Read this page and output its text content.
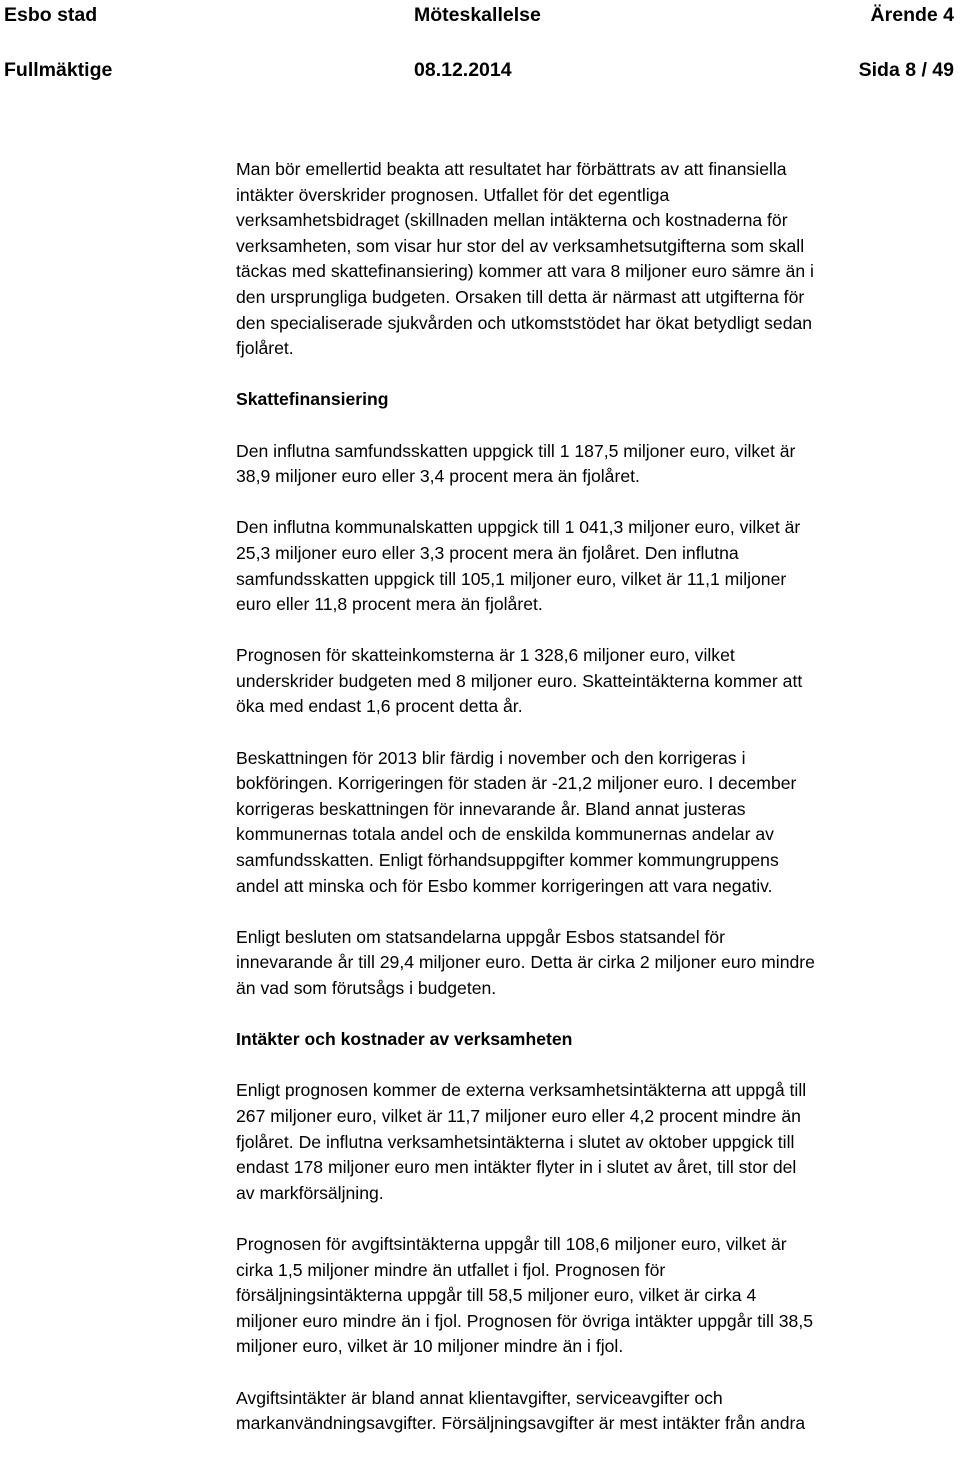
Esbo stad	Möteskallelse	Ärende 4
Fullmäktige	08.12.2014	Sida 8 / 49

Man bör emellertid beakta att resultatet har förbättrats av att finansiella
intäkter överskrider prognosen. Utfallet för det egentliga
verksamhetsbidraget (skillnaden mellan intäkterna och kostnaderna för
verksamheten, som visar hur stor del av verksamhetsutgifterna som skall
täckas med skattefinansiering) kommer att vara 8 miljoner euro sämre än i
den ursprungliga budgeten. Orsaken till detta är närmast att utgifterna för
den specialiserade sjukvården och utkomststödet har ökat betydligt sedan
fjolåret.

Skattefinansiering

Den influtna samfundsskatten uppgick till 1 187,5 miljoner euro, vilket är
38,9 miljoner euro eller 3,4 procent mera än fjolåret.

Den influtna kommunalskatten uppgick till 1 041,3 miljoner euro, vilket är
25,3 miljoner euro eller 3,3 procent mera än fjolåret. Den influtna
samfundsskatten uppgick till 105,1 miljoner euro, vilket är 11,1 miljoner
euro eller 11,8 procent mera än fjolåret.

Prognosen för skatteinkomsterna är 1 328,6 miljoner euro, vilket
underskrider budgeten med 8 miljoner euro. Skatteintäkterna kommer att
öka med endast 1,6 procent detta år.

Beskattningen för 2013 blir färdig i november och den korrigeras i
bokföringen. Korrigeringen för staden är -21,2 miljoner euro. I december
korrigeras beskattningen för innevarande år. Bland annat justeras
kommunernas totala andel och de enskilda kommunernas andelar av
samfundsskatten. Enligt förhandsuppgifter kommer kommungruppens
andel att minska och för Esbo kommer korrigeringen att vara negativ.

Enligt besluten om statsandelarna uppgår Esbos statsandel för
innevarande år till 29,4 miljoner euro. Detta är cirka 2 miljoner euro mindre
än vad som förutsågs i budgeten.

Intäkter och kostnader av verksamheten

Enligt prognosen kommer de externa verksamhetsintäkterna att uppgå till
267 miljoner euro, vilket är 11,7 miljoner euro eller 4,2 procent mindre än
fjolåret. De influtna verksamhetsintäkterna i slutet av oktober uppgick till
endast 178 miljoner euro men intäkter flyter in i slutet av året, till stor del
av markförsäljning.

Prognosen för avgiftsintäkterna uppgår till 108,6 miljoner euro, vilket är
cirka 1,5 miljoner mindre än utfallet i fjol. Prognosen för
försäljningsintäkterna uppgår till 58,5 miljoner euro, vilket är cirka 4
miljoner euro mindre än i fjol. Prognosen för övriga intäkter uppgår till 38,5
miljoner euro, vilket är 10 miljoner mindre än i fjol.

Avgiftsintäkter är bland annat klientavgifter, serviceavgifter och
markanvändningsavgifter. Försäljningsavgifter är mest intäkter från andra
